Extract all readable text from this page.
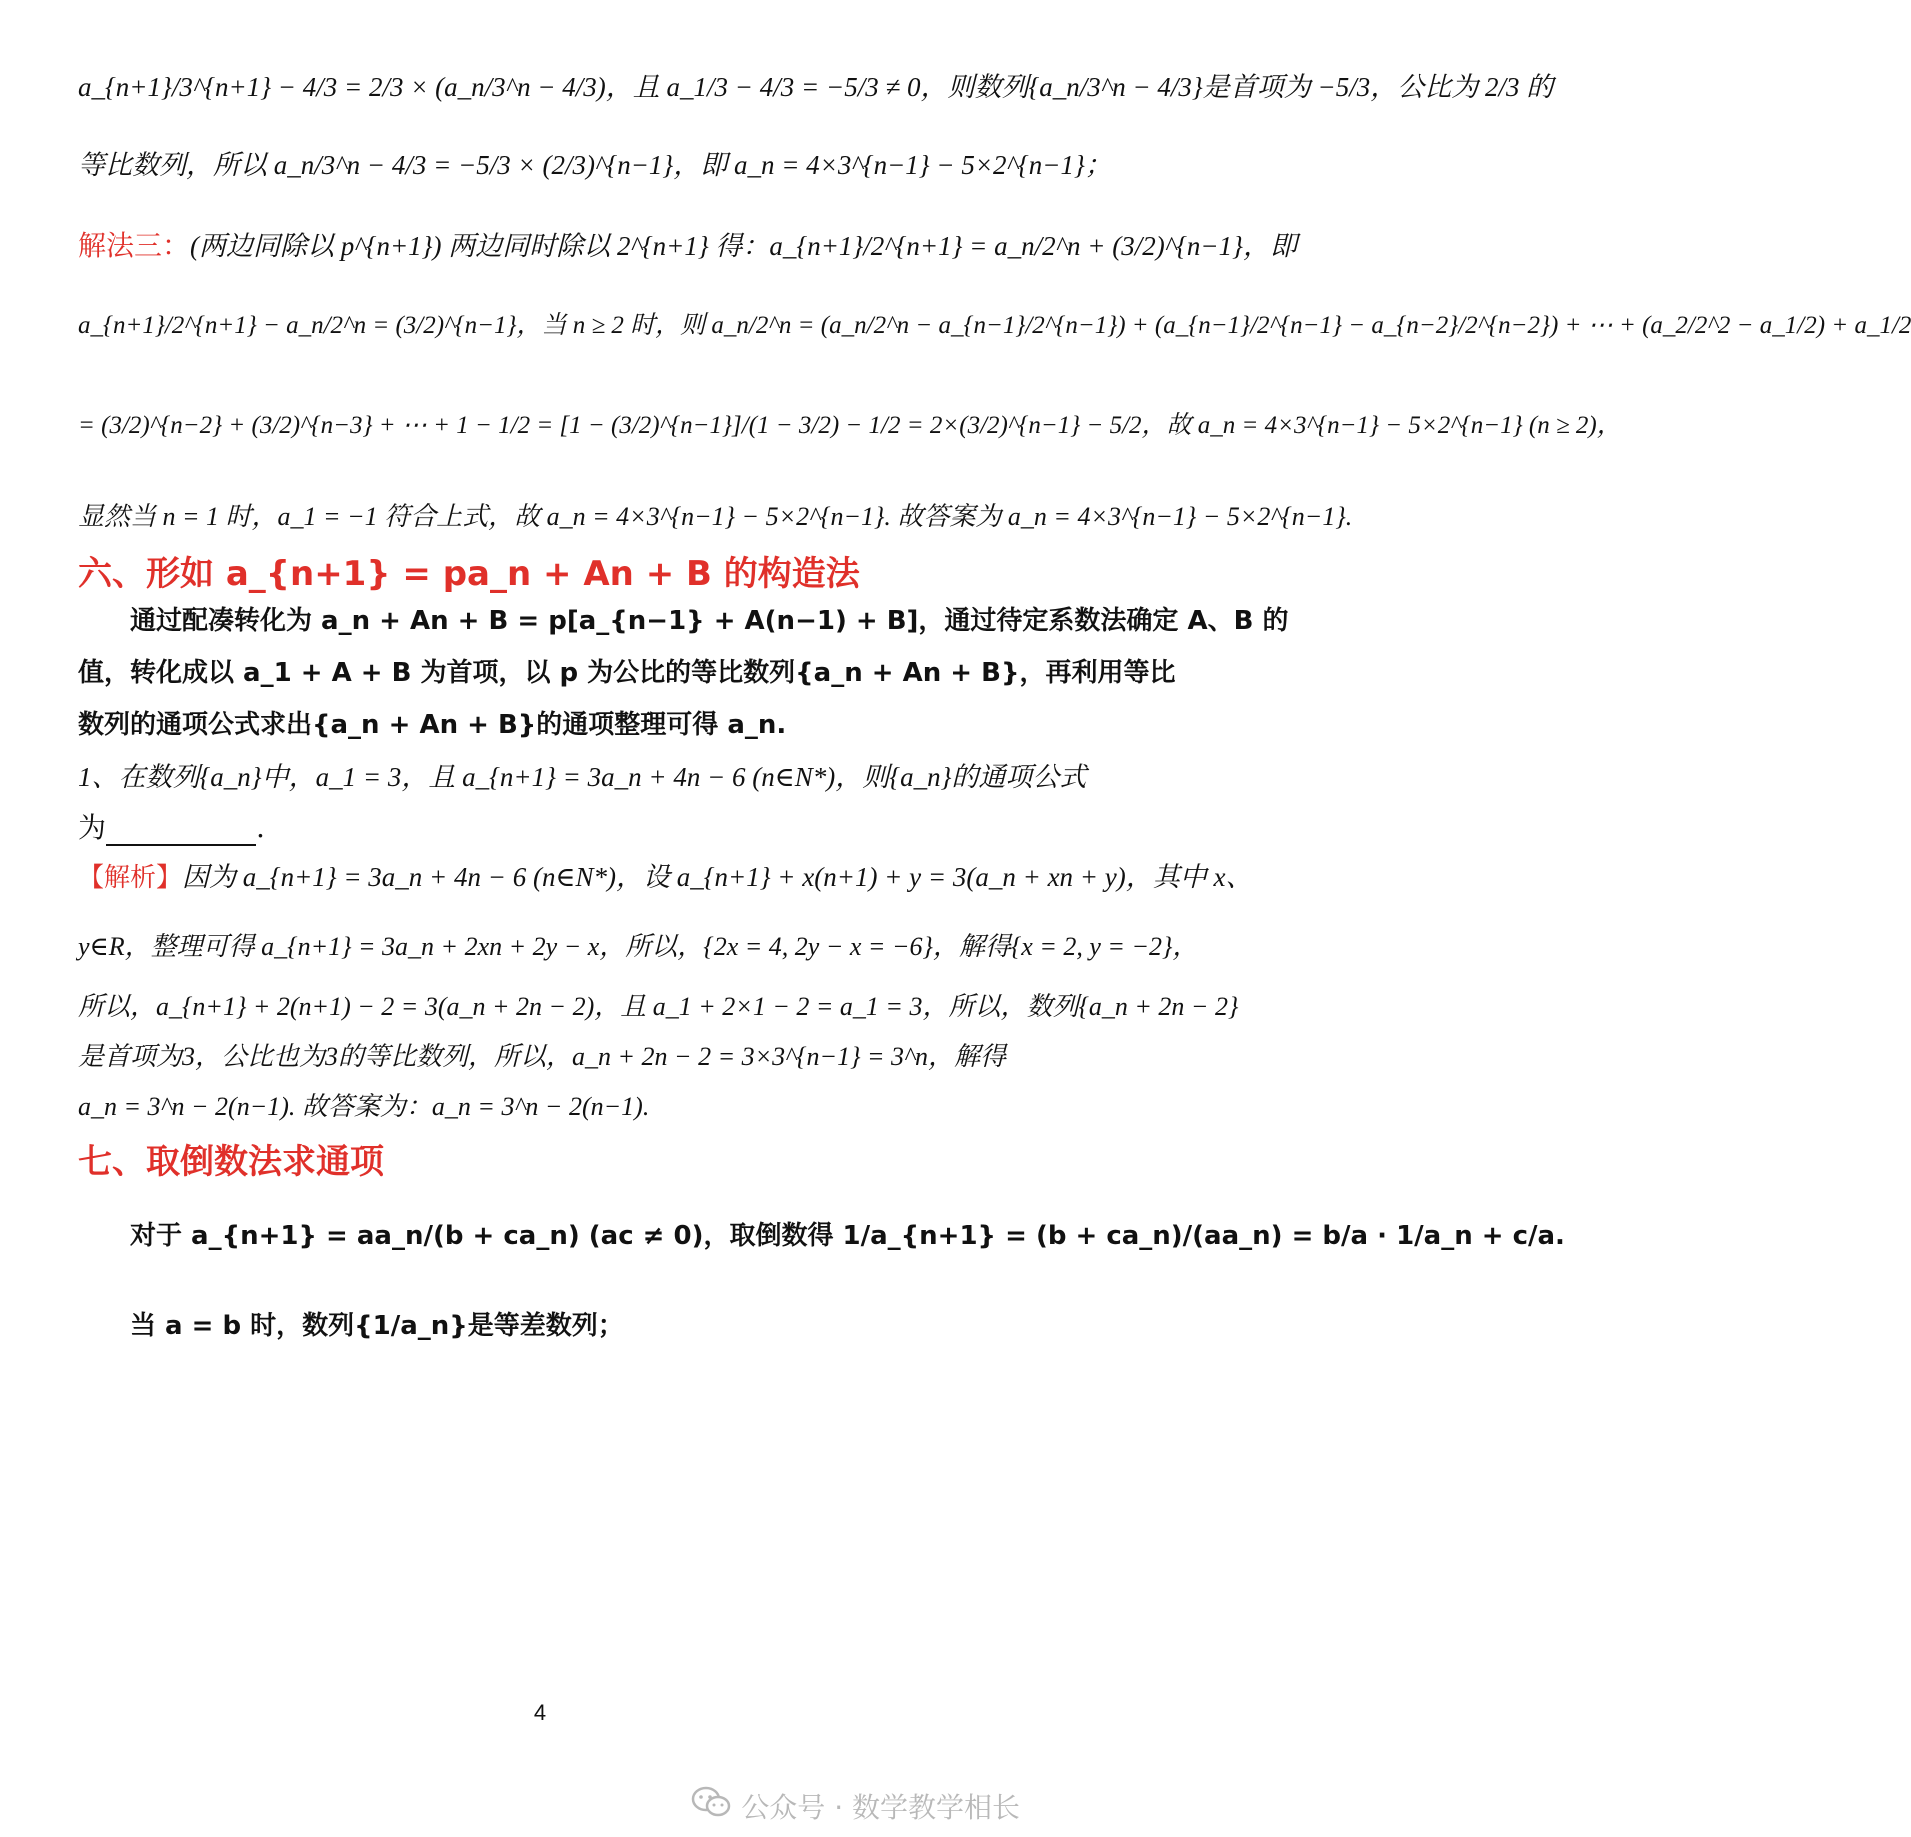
a_{n+1}/3^{n+1} − 4/3 = 2/3 × (a_n/3^n − 4/3)，且 a_1/3 − 4/3 = −5/3 ≠ 0，则数列{a_n/3^n − 4/3}是首项为 −5/3，公比为 2/3 的
等比数列，所以 a_n/3^n − 4/3 = −5/3 × (2/3)^{n−1}，即 a_n = 4×3^{n−1} − 5×2^{n−1}；
解法三：(两边同除以 p^{n+1}) 两边同时除以 2^{n+1} 得：a_{n+1}/2^{n+1} = a_n/2^n + (3/2)^{n−1}，即
a_{n+1}/2^{n+1} − a_n/2^n = (3/2)^{n−1}，当 n ≥ 2 时，则 a_n/2^n = (a_n/2^n − a_{n−1}/2^{n−1}) + (a_{n−1}/2^{n−1} − a_{n−2}/2^{n−2}) + ⋯ + (a_2/2^2 − a_1/2) + a_1/2
= (3/2)^{n−2} + (3/2)^{n−3} + ⋯ + 1 − 1/2 = [1 − (3/2)^{n−1}]/(1 − 3/2) − 1/2 = 2×(3/2)^{n−1} − 5/2，故 a_n = 4×3^{n−1} − 5×2^{n−1} (n ≥ 2)，
显然当 n = 1 时，a_1 = −1 符合上式，故 a_n = 4×3^{n−1} − 5×2^{n−1}. 故答案为 a_n = 4×3^{n−1} − 5×2^{n−1}.
六、形如 a_{n+1} = pa_n + An + B 的构造法
通过配凑转化为 a_n + An + B = p[a_{n−1} + A(n−1) + B]，通过待定系数法确定 A、B 的
值，转化成以 a_1 + A + B 为首项，以 p 为公比的等比数列{a_n + An + B}，再利用等比
数列的通项公式求出{a_n + An + B}的通项整理可得 a_n.
1、在数列{a_n}中，a_1 = 3，且 a_{n+1} = 3a_n + 4n − 6 (n∈N*)，则{a_n}的通项公式
为	.
【解析】因为 a_{n+1} = 3a_n + 4n − 6 (n∈N*)，设 a_{n+1} + x(n+1) + y = 3(a_n + xn + y)，其中 x、
y∈R，整理可得 a_{n+1} = 3a_n + 2xn + 2y − x，所以，{2x = 4, 2y − x = −6}，解得{x = 2, y = −2}，
所以，a_{n+1} + 2(n+1) − 2 = 3(a_n + 2n − 2)，且 a_1 + 2×1 − 2 = a_1 = 3，所以，数列{a_n + 2n − 2}
是首项为3，公比也为3的等比数列，所以，a_n + 2n − 2 = 3×3^{n−1} = 3^n，解得
a_n = 3^n − 2(n−1). 故答案为：a_n = 3^n − 2(n−1).
七、取倒数法求通项
对于 a_{n+1} = aa_n/(b + ca_n) (ac ≠ 0)，取倒数得 1/a_{n+1} = (b + ca_n)/(aa_n) = b/a · 1/a_n + c/a.
当 a = b 时，数列{1/a_n}是等差数列；
4
公众号 · 数学教学相长
